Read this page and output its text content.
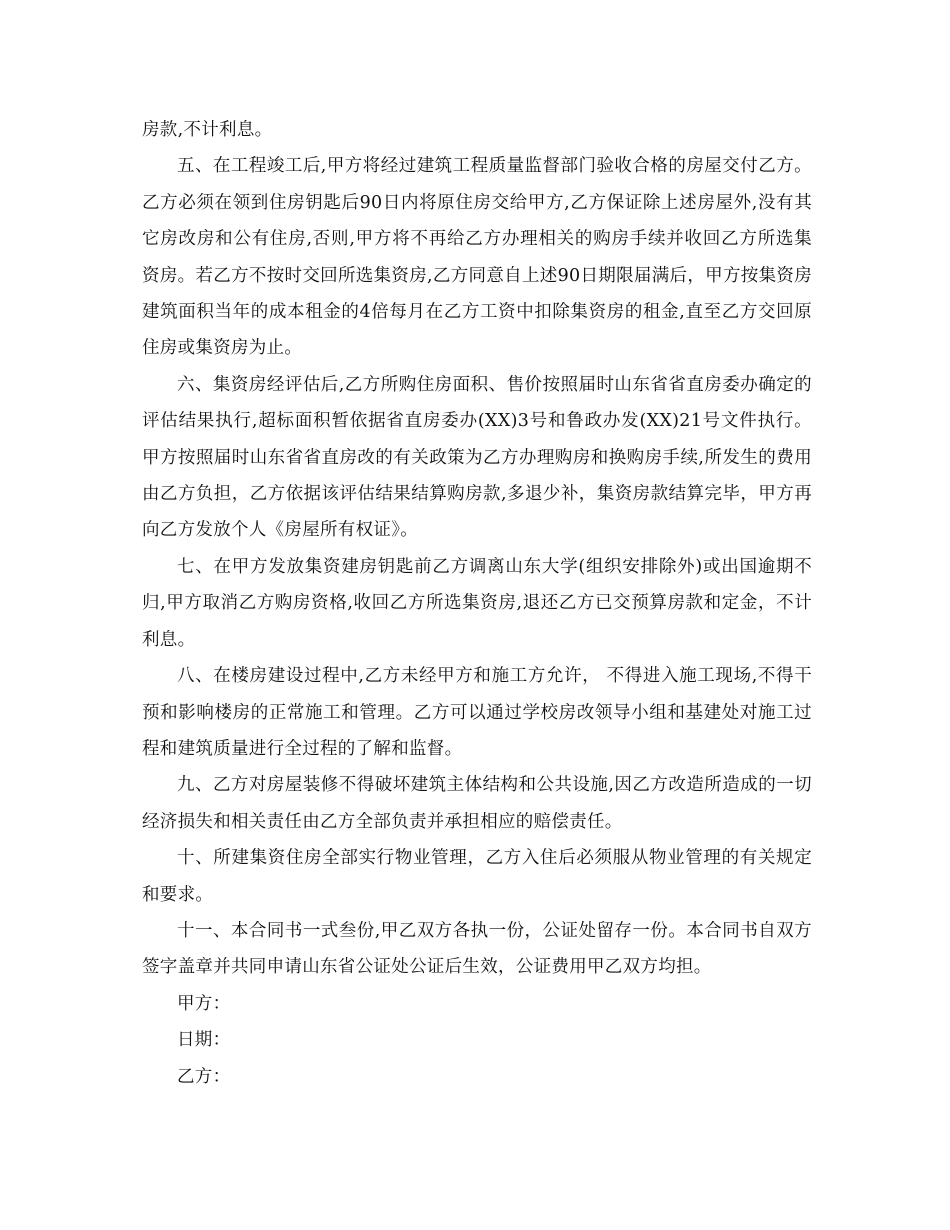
房款,不计利息。

五、在工程竣工后,甲方将经过建筑工程质量监督部门验收合格的房屋交付乙方。乙方必须在领到住房钥匙后90日内将原住房交给甲方,乙方保证除上述房屋外,没有其它房改房和公有住房,否则,甲方将不再给乙方办理相关的购房手续并收回乙方所选集资房。若乙方不按时交回所选集资房,乙方同意自上述90日期限届满后，甲方按集资房建筑面积当年的成本租金的4倍每月在乙方工资中扣除集资房的租金,直至乙方交回原住房或集资房为止。

六、集资房经评估后,乙方所购住房面积、售价按照届时山东省省直房委办确定的评估结果执行,超标面积暂依据省直房委办(XX)3号和鲁政办发(XX)21号文件执行。甲方按照届时山东省省直房改的有关政策为乙方办理购房和换购房手续,所发生的费用由乙方负担，乙方依据该评估结果结算购房款,多退少补，集资房款结算完毕，甲方再向乙方发放个人《房屋所有权证》。

七、在甲方发放集资建房钥匙前乙方调离山东大学(组织安排除外)或出国逾期不归,甲方取消乙方购房资格,收回乙方所选集资房,退还乙方已交预算房款和定金，不计利息。

八、在楼房建设过程中,乙方未经甲方和施工方允许， 不得进入施工现场,不得干预和影响楼房的正常施工和管理。乙方可以通过学校房改领导小组和基建处对施工过程和建筑质量进行全过程的了解和监督。

九、乙方对房屋装修不得破坏建筑主体结构和公共设施,因乙方改造所造成的一切经济损失和相关责任由乙方全部负责并承担相应的赔偿责任。

十、所建集资住房全部实行物业管理，乙方入住后必须服从物业管理的有关规定和要求。

十一、本合同书一式叁份,甲乙双方各执一份，公证处留存一份。本合同书自双方签字盖章并共同申请山东省公证处公证后生效，公证费用甲乙双方均担。

甲方：

日期：

乙方：
